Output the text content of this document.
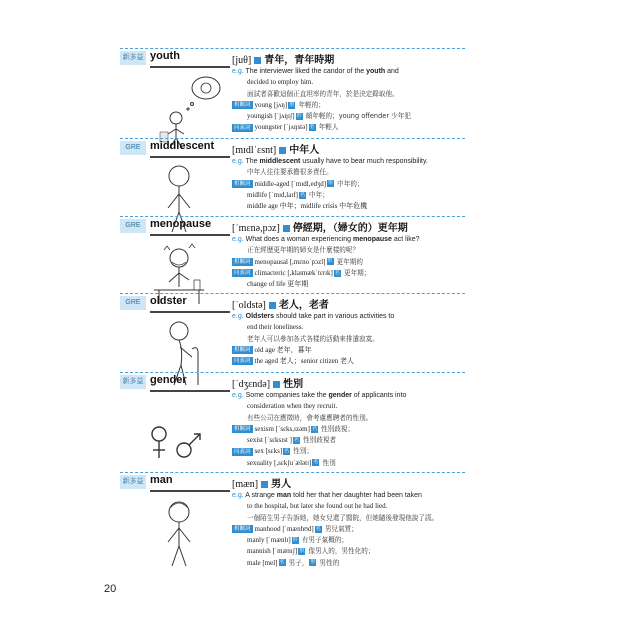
新多益 youth	[juθ] 青年，青年時期
e.g. The interviewer liked the candor of the youth and
decided to employ him.
面試者喜歡這個正直坦率的青年，於是決定錄取他。
相關詞 young [jʌŋ] 形 年輕的；
youngish [ˈjʌŋɪʃ] 形 頗年輕的；young offender 少年犯
同義詞 youngster [ˈjʌŋstə] 名 年輕人
GRE middlescent [mɪdlˈɛsnt] 中年人
e.g. The middlescent usually have to bear much responsibility.
中年人往往要承擔很多責任。
相關詞 middle-aged [ˈmɪdl,edʒd] 形 中年的；
midlife [ˈmɪd,laɪf] 名 中年；
middle age 中年；midlife crisis 中年危機
GRE menopause [ˈmɛnə,pɔz] 停經期，（婦女的）更年期
e.g. What does a woman experiencing menopause act like?
正在經歷更年期的婦女是什麼樣的呢？
相關詞 menopausal [,mɛnoˈpɔzl] 形 更年期的
同義詞 climacteric [,klaɪmækˈtɛrɪk] 名 更年期；
change of life 更年期
GRE oldster	[ˈoldstə] 老人，老者
e.g. Oldsters should take part in various activities to
end their loneliness.
老年人可以參加各式各樣的活動來排遣寂寞。
相關詞 old age 老年，暮年
同義詞 the aged 老人；senior citizen 老人
新多益 gender	[ˈdʒɛndə] 性別
e.g. Some companies take the gender of applicants into
consideration when they recruit.
有些公司在應徵時，會考慮應聘者的性別。
相關詞 sexism [ˈsɛks,ɪzəm] 名 性別歧視；
sexist [ˈsɛksɪst ] 名 性別歧視者
同義詞 sex [sɛks] 名 性別；
sexuality [,sɛkʃuˈælətɪ] 名 性別
新多益 man	[mæn] 男人
e.g. A strange man told her that her daughter had been taken
to the hospital, but later she found out he had lied.
一個陌生男子告訴她，她女兒還了醫院，但她隨後發現他說了謊。
相關詞 manhood [ˈmænhʊd] 名 男兒氣質；
manly [ˈmænlɪ] 形 有男子氣概的；
mannish [ˈmænɪʃ] 形 像男人的，男性化的；
male [mel] 名 男子， 形 男性的
20
